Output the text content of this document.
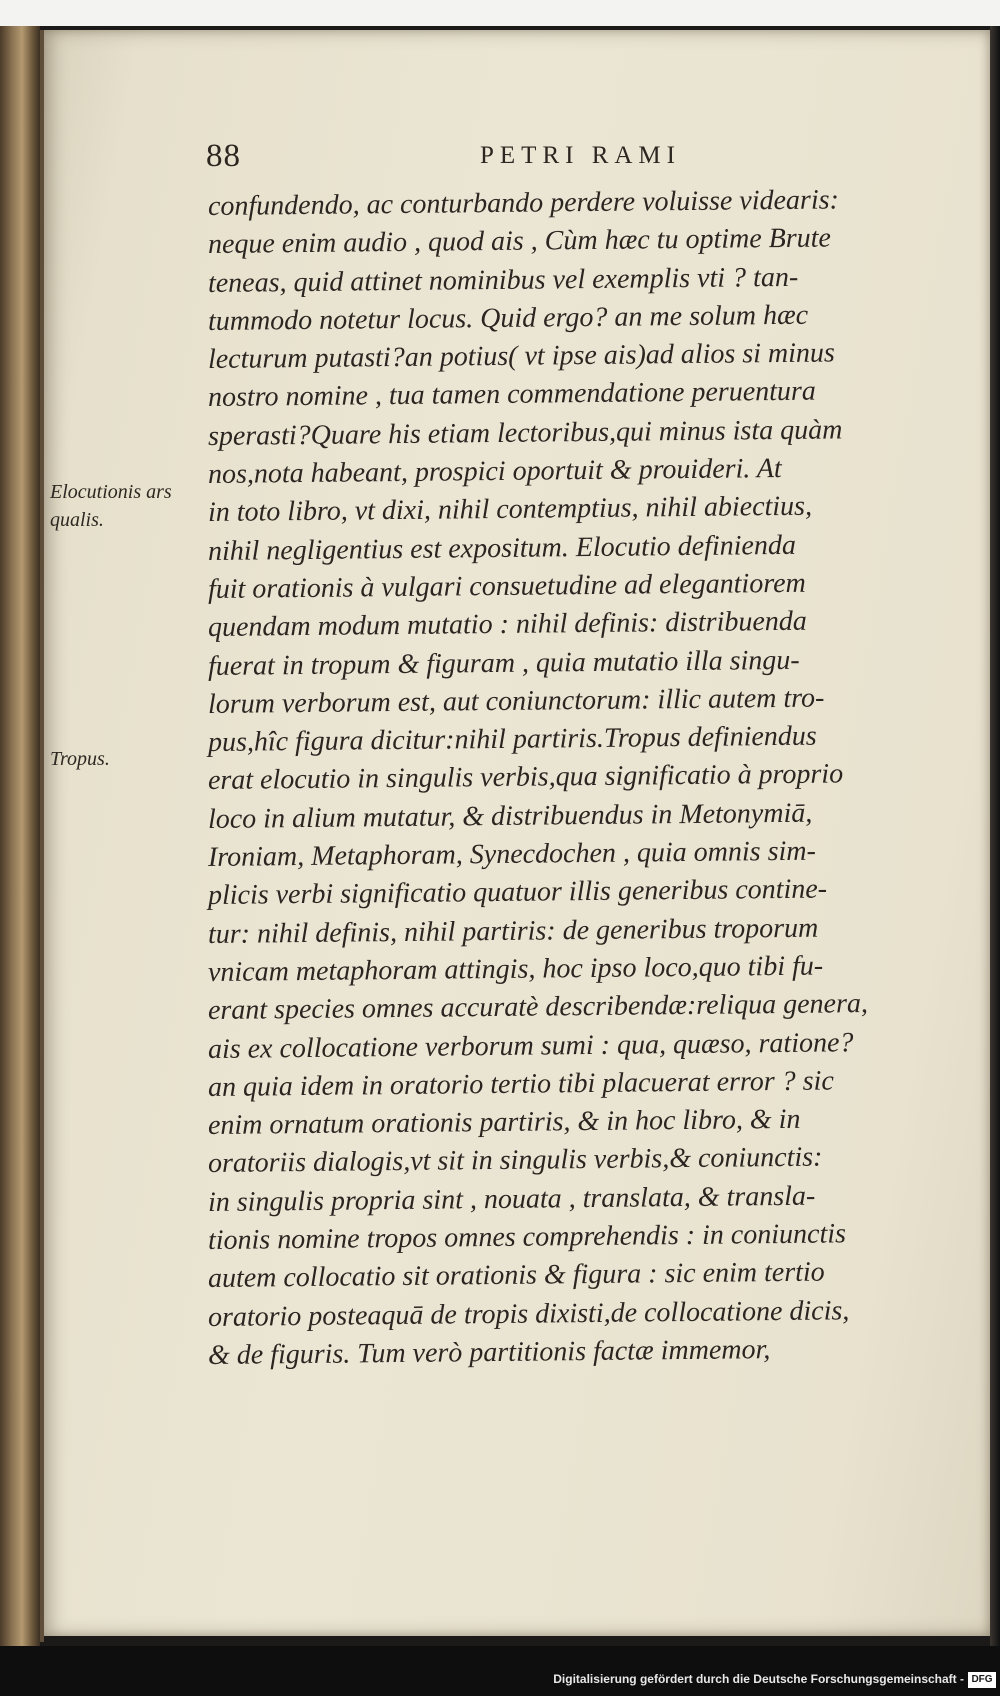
88	PETRI RAMI
confundendo, ac conturbando perdere voluisse videaris:
neque enim audio , quod ais , Cùm hæc tu optime Brute
teneas, quid attinet nominibus vel exemplis vti ? tan-
tummodo notetur locus. Quid ergo? an me solum hæc
lecturum putasti?an potius( vt ipse ais)ad alios si minus
nostro nomine , tua tamen commendatione peruentura
sperasti?Quare his etiam lectoribus,qui minus ista quàm
nos,nota habeant, prospici oportuit & prouideri. At
in toto libro, vt dixi, nihil contemptius, nihil abiectius,
nihil negligentius est expositum. Elocutio definienda
fuit orationis à vulgari consuetudine ad elegantiorem
quendam modum mutatio : nihil definis: distribuenda
fuerat in tropum & figuram , quia mutatio illa singu-
lorum verborum est, aut coniunctorum: illic autem tro-
pus,hîc figura dicitur:nihil partiris.Tropus definiendus
erat elocutio in singulis verbis,qua significatio à proprio
loco in alium mutatur, & distribuendus in Metonymiā,
Ironiam, Metaphoram, Synecdochen , quia omnis sim-
plicis verbi significatio quatuor illis generibus contine-
tur: nihil definis, nihil partiris: de generibus troporum
vnicam metaphoram attingis, hoc ipso loco,quo tibi fu-
erant species omnes accuratè describendæ:reliqua genera,
ais ex collocatione verborum sumi : qua, quæso, ratione?
an quia idem in oratorio tertio tibi placuerat error ? sic
enim ornatum orationis partiris, & in hoc libro, & in
oratoriis dialogis,vt sit in singulis verbis,& coniunctis:
in singulis propria sint , nouata , translata, & transla-
tionis nomine tropos omnes comprehendis : in coniunctis
autem collocatio sit orationis & figura : sic enim tertio
oratorio posteaquā de tropis dixisti,de collocatione dicis,
& de figuris. Tum verò partitionis factæ immemor,
Elocutionis ars
qualis.
Tropus.
Digitalisierung gefördert durch die Deutsche Forschungsgemeinschaft - DFG
